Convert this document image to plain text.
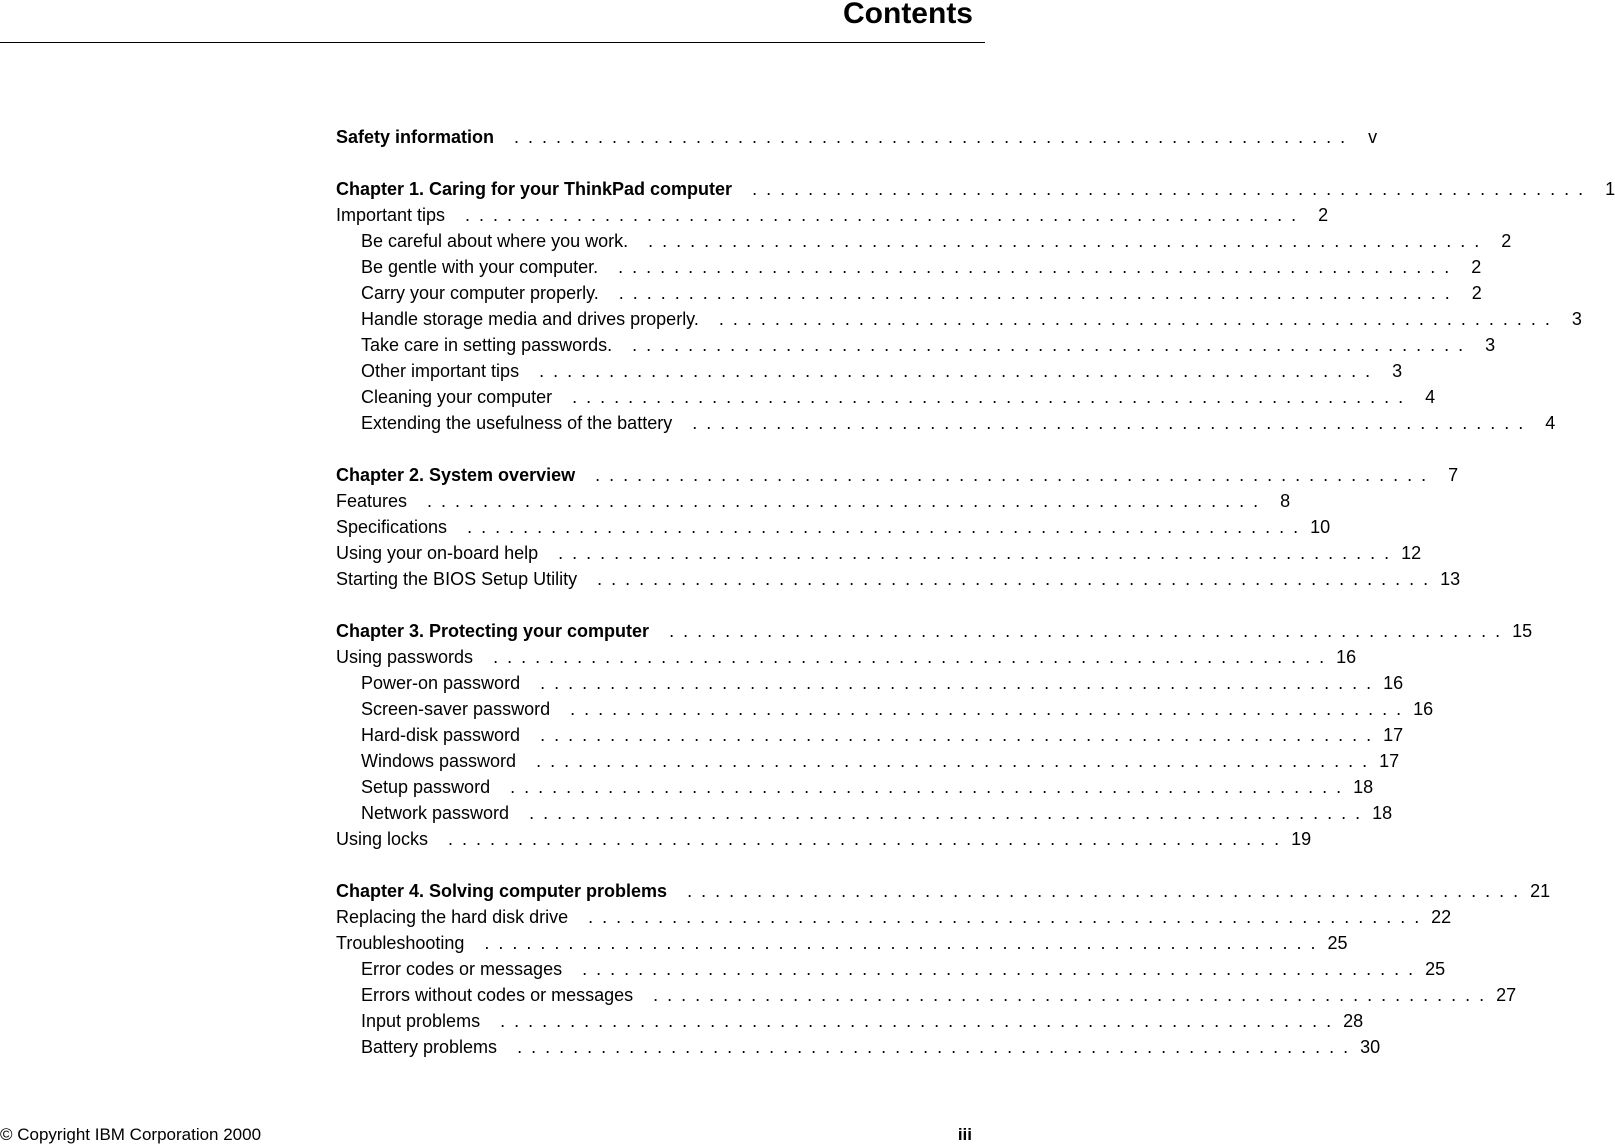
Contents
Safety information	. . . . . . . . . . . . . . . . . . . . . . . . . . . . . . . . . . . . . . . . . . . . . . . . . . . . . . . . . . . .	v
Chapter 1. Caring for your ThinkPad computer	. . . . . . . . . . . . . . . . . . . . . . . . . . . . . . . . . . . . . . . . . . . . . . . . . . . . . . . . . . . .	1
Important tips	. . . . . . . . . . . . . . . . . . . . . . . . . . . . . . . . . . . . . . . . . . . . . . . . . . . . . . . . . . . .	2
Be careful about where you work.	. . . . . . . . . . . . . . . . . . . . . . . . . . . . . . . . . . . . . . . . . . . . . . . . . . . . . . . . . . . .	2
Be gentle with your computer.	. . . . . . . . . . . . . . . . . . . . . . . . . . . . . . . . . . . . . . . . . . . . . . . . . . . . . . . . . . . .	2
Carry your computer properly.	. . . . . . . . . . . . . . . . . . . . . . . . . . . . . . . . . . . . . . . . . . . . . . . . . . . . . . . . . . . .	2
Handle storage media and drives properly.	. . . . . . . . . . . . . . . . . . . . . . . . . . . . . . . . . . . . . . . . . . . . . . . . . . . . . . . . . . . .	3
Take care in setting passwords.	. . . . . . . . . . . . . . . . . . . . . . . . . . . . . . . . . . . . . . . . . . . . . . . . . . . . . . . . . . . .	3
Other important tips	. . . . . . . . . . . . . . . . . . . . . . . . . . . . . . . . . . . . . . . . . . . . . . . . . . . . . . . . . . . .	3
Cleaning your computer	. . . . . . . . . . . . . . . . . . . . . . . . . . . . . . . . . . . . . . . . . . . . . . . . . . . . . . . . . . . .	4
Extending the usefulness of the battery	. . . . . . . . . . . . . . . . . . . . . . . . . . . . . . . . . . . . . . . . . . . . . . . . . . . . . . . . . . . .	4
Chapter 2. System overview	. . . . . . . . . . . . . . . . . . . . . . . . . . . . . . . . . . . . . . . . . . . . . . . . . . . . . . . . . . . .	7
Features	. . . . . . . . . . . . . . . . . . . . . . . . . . . . . . . . . . . . . . . . . . . . . . . . . . . . . . . . . . . .	8
Specifications	. . . . . . . . . . . . . . . . . . . . . . . . . . . . . . . . . . . . . . . . . . . . . . . . . . . . . . . . . . . . 10
Using your on-board help	. . . . . . . . . . . . . . . . . . . . . . . . . . . . . . . . . . . . . . . . . . . . . . . . . . . . . . . . . . . . 12
Starting the BIOS Setup Utility	. . . . . . . . . . . . . . . . . . . . . . . . . . . . . . . . . . . . . . . . . . . . . . . . . . . . . . . . . . . . 13
Chapter 3. Protecting your computer	. . . . . . . . . . . . . . . . . . . . . . . . . . . . . . . . . . . . . . . . . . . . . . . . . . . . . . . . . . . . 15
Using passwords	. . . . . . . . . . . . . . . . . . . . . . . . . . . . . . . . . . . . . . . . . . . . . . . . . . . . . . . . . . . . 16
Power-on password	. . . . . . . . . . . . . . . . . . . . . . . . . . . . . . . . . . . . . . . . . . . . . . . . . . . . . . . . . . . . 16
Screen-saver password	. . . . . . . . . . . . . . . . . . . . . . . . . . . . . . . . . . . . . . . . . . . . . . . . . . . . . . . . . . . . 16
Hard-disk password	. . . . . . . . . . . . . . . . . . . . . . . . . . . . . . . . . . . . . . . . . . . . . . . . . . . . . . . . . . . . 17
Windows password	. . . . . . . . . . . . . . . . . . . . . . . . . . . . . . . . . . . . . . . . . . . . . . . . . . . . . . . . . . . . 17
Setup password	. . . . . . . . . . . . . . . . . . . . . . . . . . . . . . . . . . . . . . . . . . . . . . . . . . . . . . . . . . . . 18
Network password	. . . . . . . . . . . . . . . . . . . . . . . . . . . . . . . . . . . . . . . . . . . . . . . . . . . . . . . . . . . . 18
Using locks	. . . . . . . . . . . . . . . . . . . . . . . . . . . . . . . . . . . . . . . . . . . . . . . . . . . . . . . . . . . . 19
Chapter 4. Solving computer problems	. . . . . . . . . . . . . . . . . . . . . . . . . . . . . . . . . . . . . . . . . . . . . . . . . . . . . . . . . . . . 21
Replacing the hard disk drive	. . . . . . . . . . . . . . . . . . . . . . . . . . . . . . . . . . . . . . . . . . . . . . . . . . . . . . . . . . . . 22
Troubleshooting	. . . . . . . . . . . . . . . . . . . . . . . . . . . . . . . . . . . . . . . . . . . . . . . . . . . . . . . . . . . . 25
Error codes or messages	. . . . . . . . . . . . . . . . . . . . . . . . . . . . . . . . . . . . . . . . . . . . . . . . . . . . . . . . . . . . 25
Errors without codes or messages	. . . . . . . . . . . . . . . . . . . . . . . . . . . . . . . . . . . . . . . . . . . . . . . . . . . . . . . . . . . . 27
Input problems	. . . . . . . . . . . . . . . . . . . . . . . . . . . . . . . . . . . . . . . . . . . . . . . . . . . . . . . . . . . . 28
Battery problems	. . . . . . . . . . . . . . . . . . . . . . . . . . . . . . . . . . . . . . . . . . . . . . . . . . . . . . . . . . . . 30
© Copyright IBM Corporation 2000	iii
